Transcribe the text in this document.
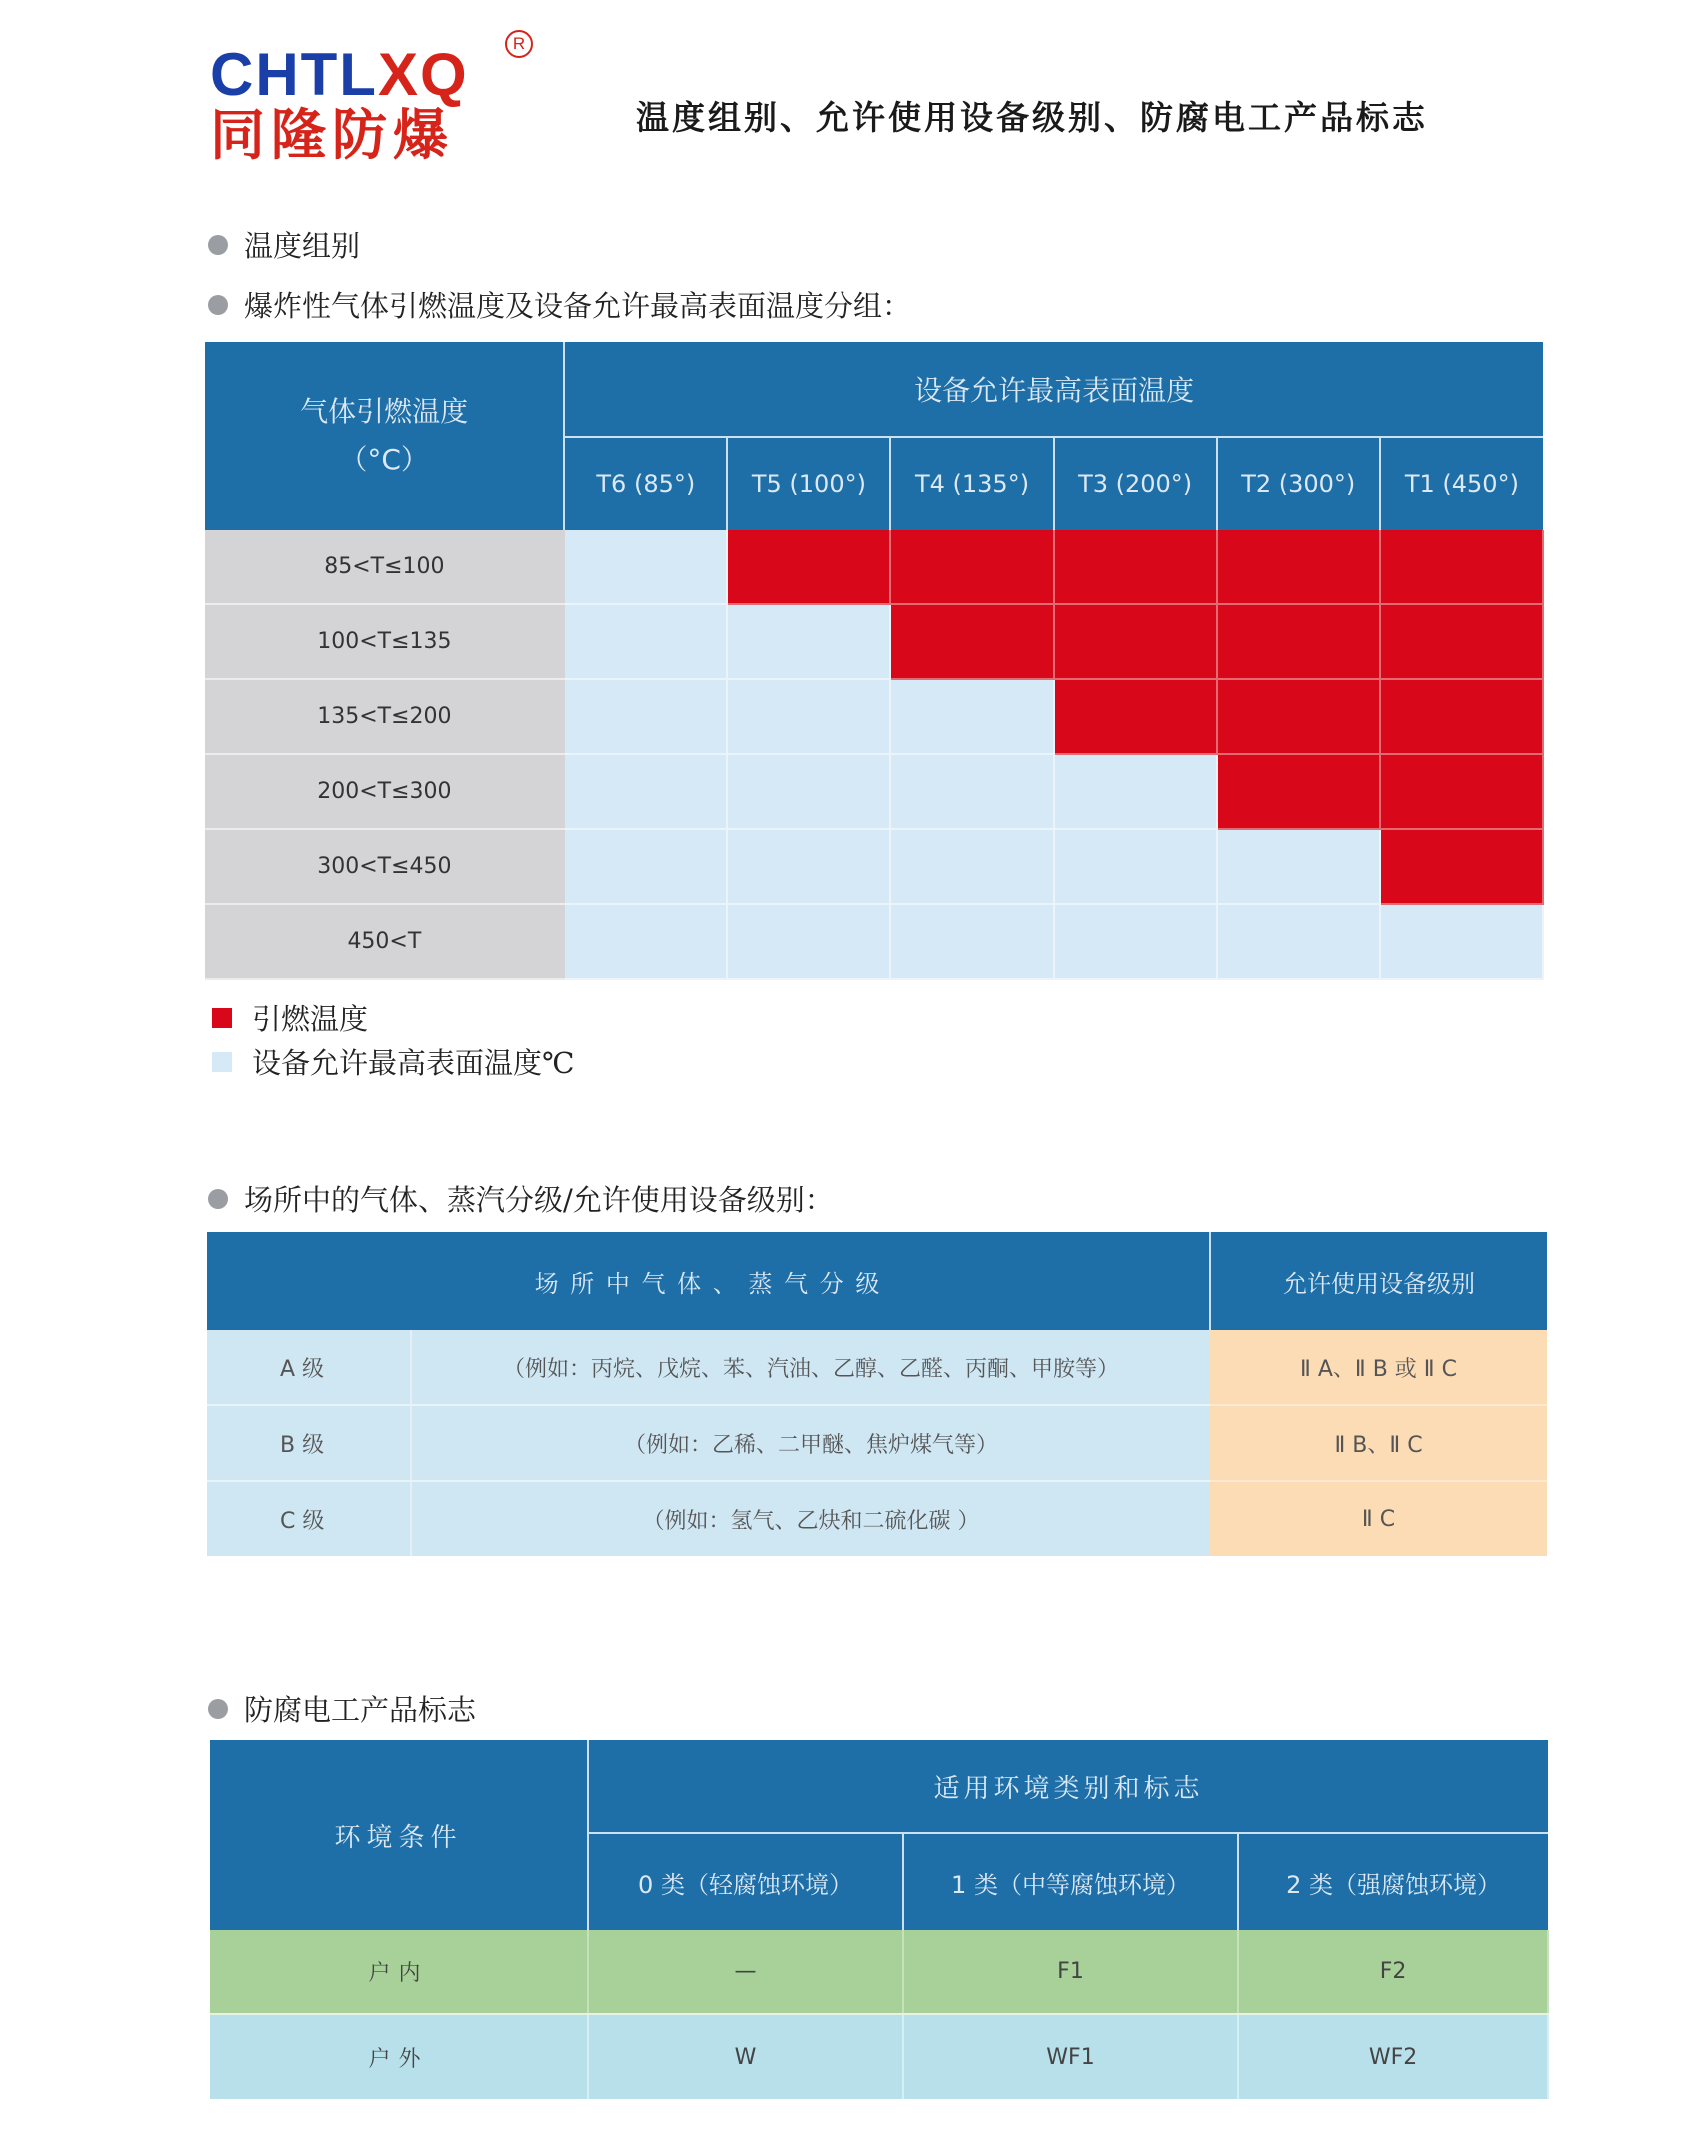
CHTLXQ	R
同隆防爆	温度组别、允许使用设备级别、防腐电工产品标志
温度组别
爆炸性气体引燃温度及设备允许最高表面温度分组：
气体引燃温度
（°C）	设备允许最高表面温度					
	T6 (85°)	T5 (100°)	T4 (135°)	T3 (200°)	T2 (300°)	T1 (450°)
85<T≤100						
100<T≤135						
135<T≤200						
200<T≤300						
300<T≤450						
450<T						
引燃温度
设备允许最高表面温度℃
场所中的气体、蒸汽分级/允许使用设备级别：
场 所 中 气 体 、 蒸 气 分 级		允许使用设备级别
A 级	（例如：丙烷、戊烷、苯、汽油、乙醇、乙醛、丙酮、甲胺等）	Ⅱ A、Ⅱ B 或 Ⅱ C
B 级	（例如：乙稀、二甲醚、焦炉煤气等）	Ⅱ B、Ⅱ C
C 级	（例如：氢气、乙炔和二硫化碳 ）	Ⅱ C
防腐电工产品标志
环境条件	适用环境类别和标志		
	0 类（轻腐蚀环境）	1 类（中等腐蚀环境）	2 类（强腐蚀环境）
户内	—	F1	F2
户外	W	WF1	WF2
